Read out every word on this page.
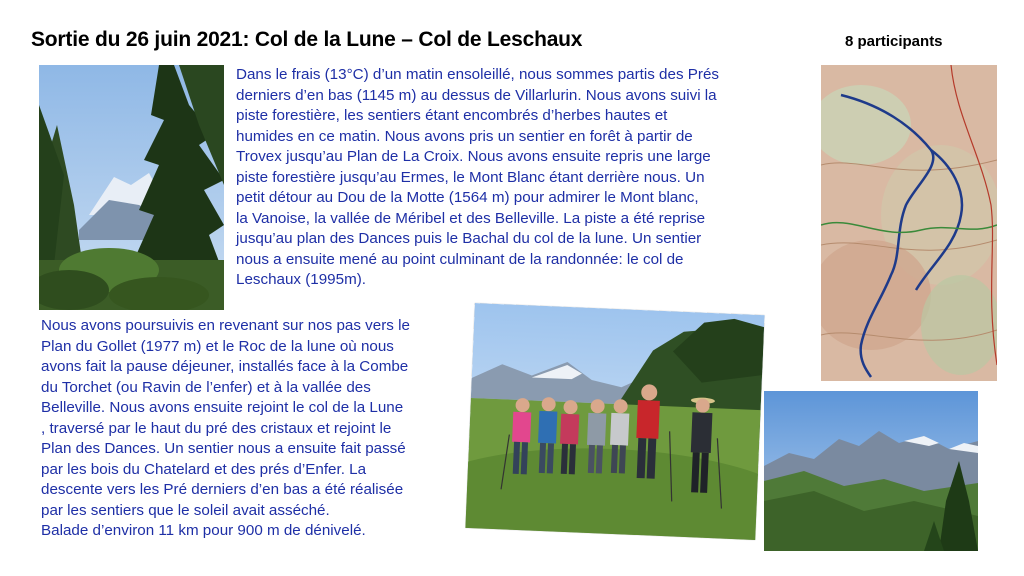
Sortie du 26 juin 2021: Col de la Lune – Col de Leschaux	8 participants

Dans le frais (13°C) d’un matin ensoleillé, nous sommes partis des Prés
derniers d’en bas (1145 m) au dessus de Villarlurin. Nous avons suivi la
piste forestière, les sentiers étant encombrés d’herbes hautes et
humides en ce matin. Nous avons pris un sentier en forêt à partir de
Trovex jusqu’au Plan de La Croix. Nous avons ensuite repris une large
piste forestière jusqu’au Ermes, le Mont Blanc étant derrière nous. Un
petit détour au Dou de la Motte (1564 m) pour admirer le Mont blanc,
la Vanoise, la vallée de Méribel et des Belleville. La piste a été reprise
jusqu’au plan des Dances puis le Bachal du col de la lune. Un sentier
nous a ensuite mené au point culminant de la randonnée: le col de
Leschaux (1995m).

Nous avons poursuivis en revenant sur nos pas vers le
Plan du Gollet (1977 m) et le Roc de la lune où nous
avons fait la pause déjeuner, installés face à la Combe
du Torchet (ou Ravin de l’enfer) et à la vallée des
Belleville. Nous avons ensuite rejoint le col de la Lune
, traversé par le haut du pré des cristaux et rejoint le
Plan des Dances. Un sentier nous a ensuite fait passé
par les bois du Chatelard et des prés d’Enfer. La
descente vers les Pré derniers d’en bas a été réalisée
par les sentiers que le soleil avait asséché.
Balade d’environ 11 km pour 900 m de dénivelé.
